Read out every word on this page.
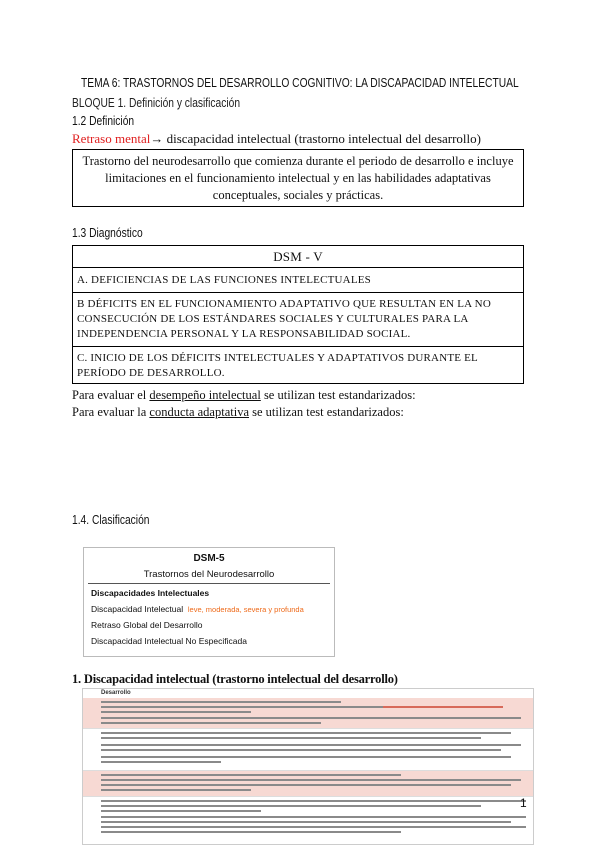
TEMA 6: TRASTORNOS DEL DESARROLLO COGNITIVO: LA DISCAPACIDAD INTELECTUAL
BLOQUE 1. Definición y clasificación
1.2 Definición
Retraso mental→ discapacidad intelectual (trastorno intelectual del desarrollo)
Trastorno del neurodesarrollo que comienza durante el periodo de desarrollo e incluye limitaciones en el funcionamiento intelectual y en las habilidades adaptativas conceptuales, sociales y prácticas.
1.3 Diagnóstico
DSM - V
A. DEFICIENCIAS DE LAS FUNCIONES INTELECTUALES
B DÉFICITS EN EL FUNCIONAMIENTO ADAPTATIVO QUE RESULTAN EN LA NO CONSECUCIÓN DE LOS ESTÁNDARES SOCIALES Y CULTURALES PARA LA INDEPENDENCIA PERSONAL Y LA RESPONSABILIDAD SOCIAL.
C. INICIO DE LOS DÉFICITS INTELECTUALES Y ADAPTATIVOS DURANTE EL PERÍODO DE DESARROLLO.
Para evaluar el desempeño intelectual se utilizan test estandarizados:
Para evaluar la conducta adaptativa se utilizan test estandarizados:
1.4. Clasificación
DSM-5
Trastornos del Neurodesarrollo
Discapacidades Intelectuales
Discapacidad Intelectual leve, moderada, severa y profunda
Retraso Global del Desarrollo
Discapacidad Intelectual No Especificada
1. Discapacidad intelectual (trastorno intelectual del desarrollo)
Desarrollo
1
